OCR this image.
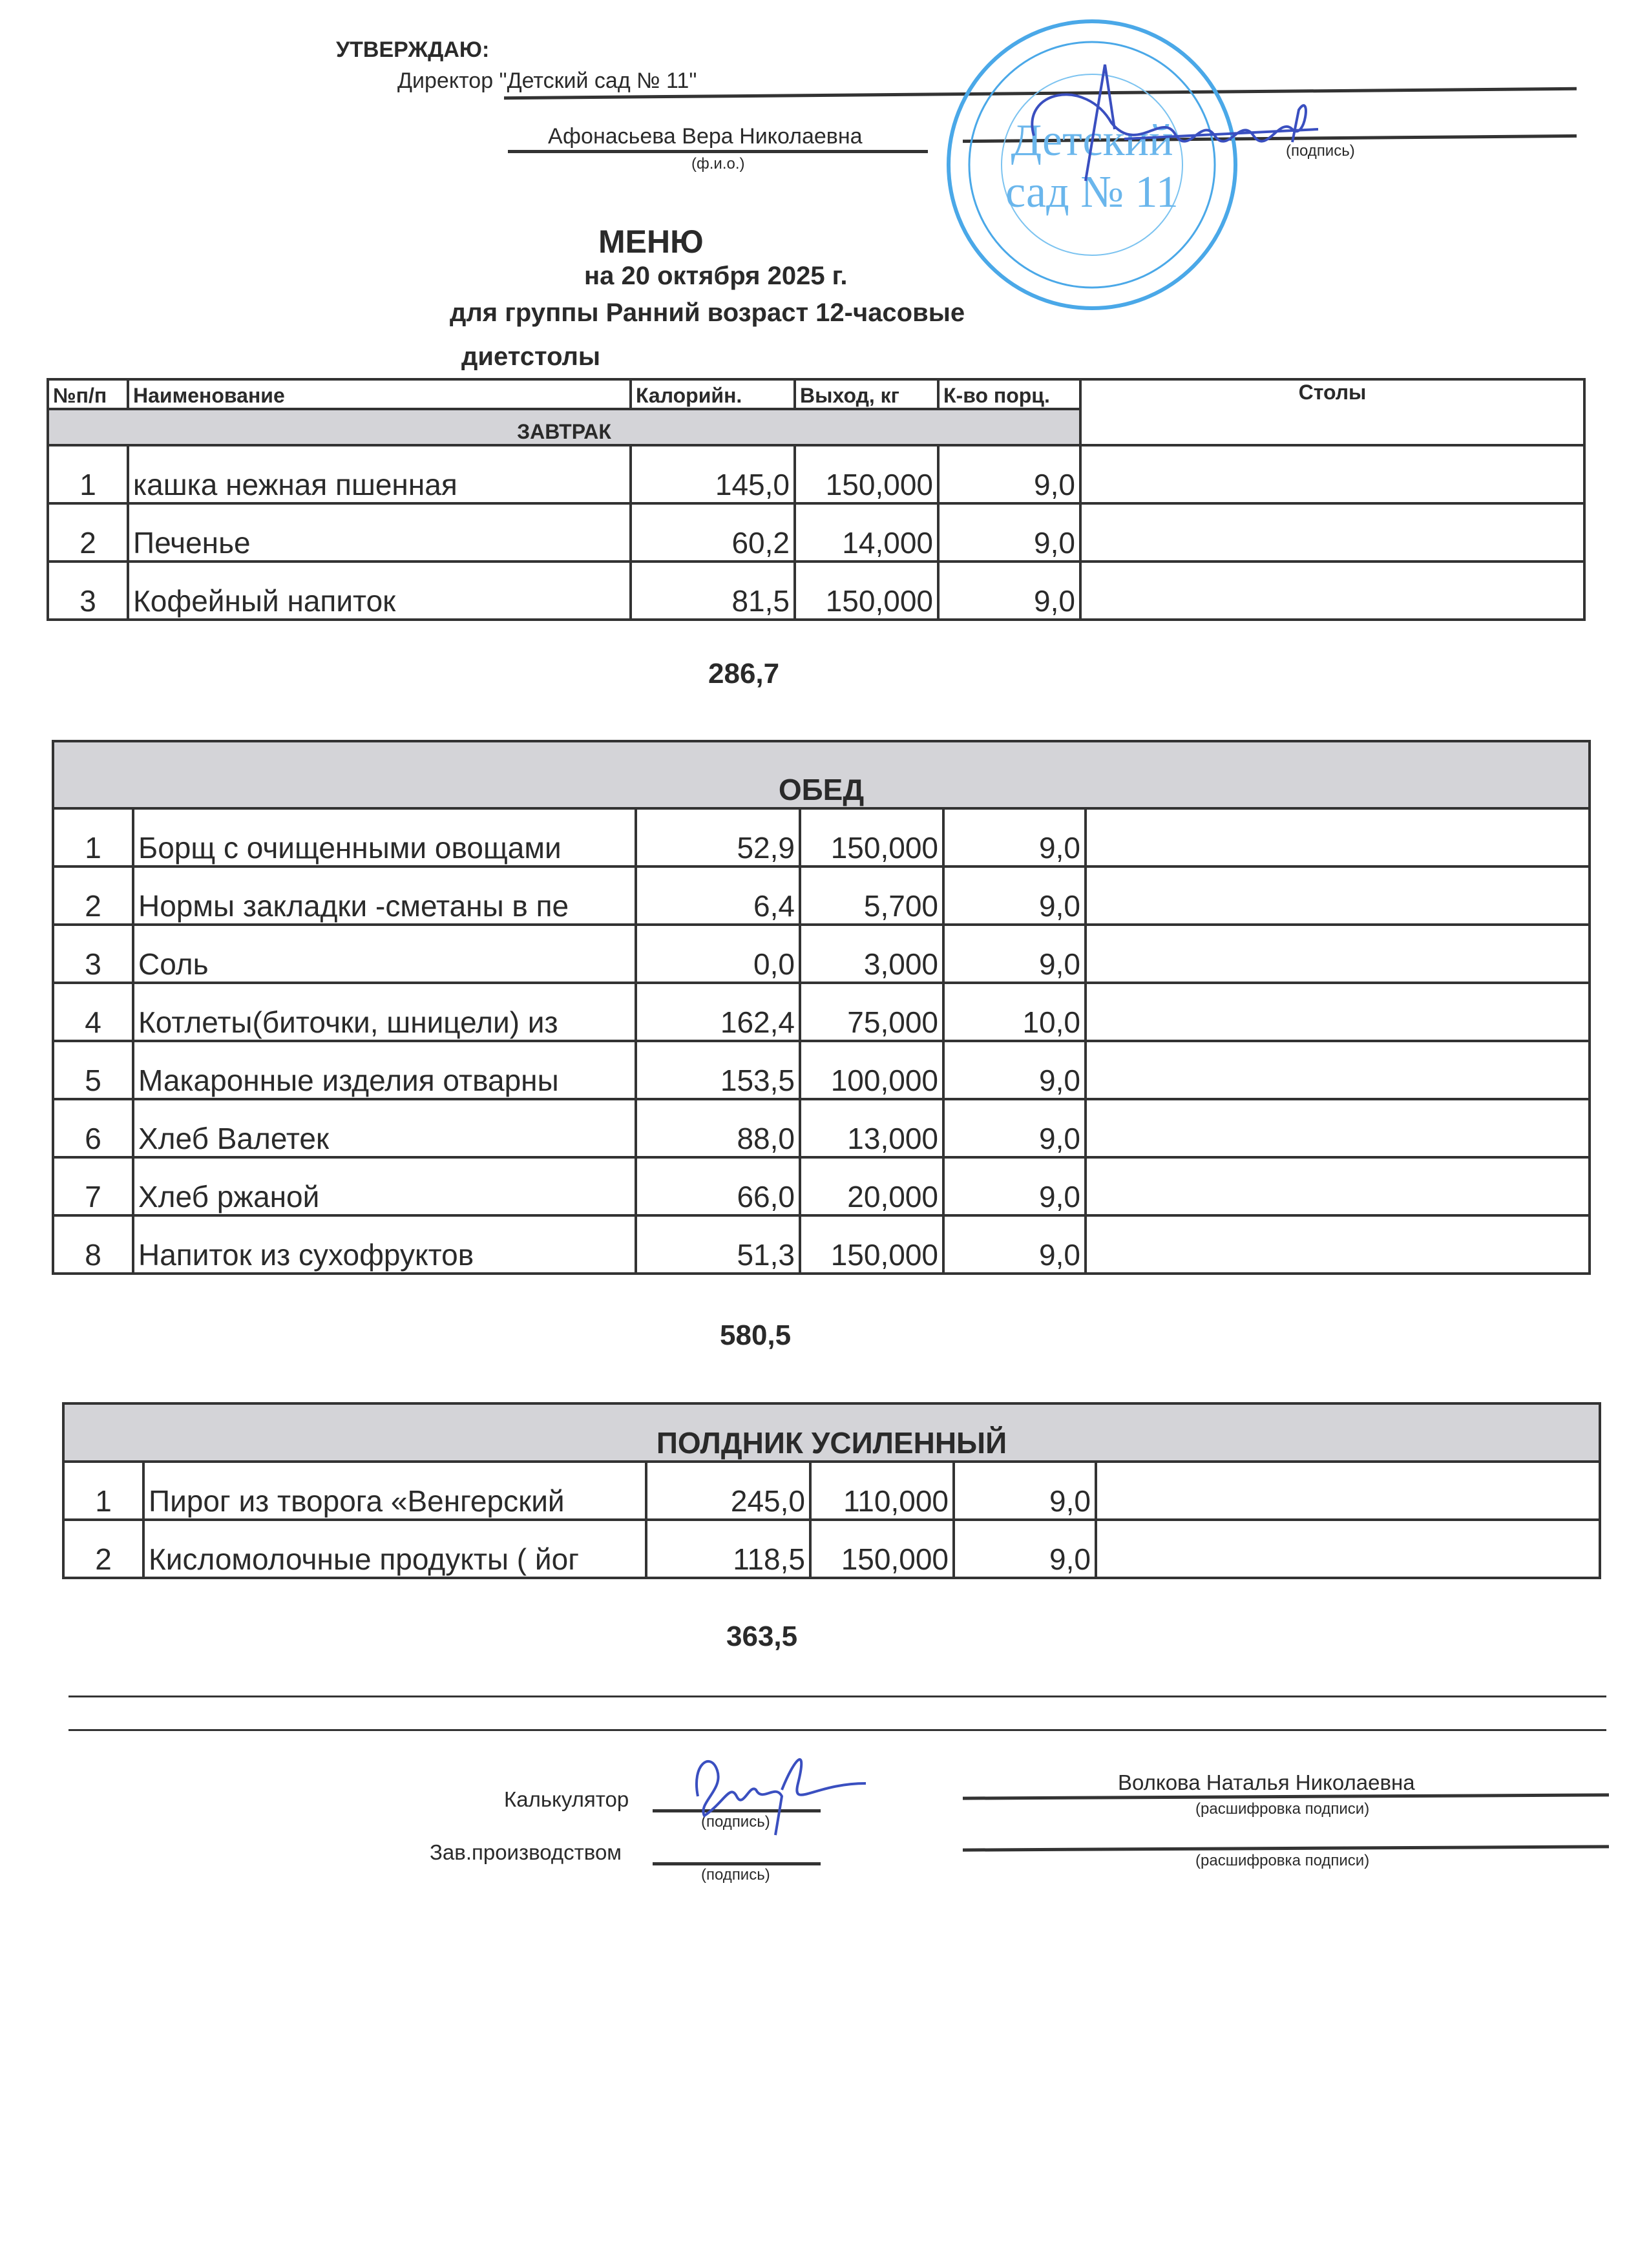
УТВЕРЖДАЮ:
Директор "Детский сад № 11"
Афонасьева Вера Николаевна
(ф.и.о.)
(подпись)
Детский
сад № 11
МЕНЮ
на 20 октября 2025 г.
для группы Ранний возраст 12-часовые
диетстолы
№п/п	Наименование	Калорийн.	Выход, кг	К-во порц.	Столы
ЗАВТРАК					
1	кашка нежная пшенная	145,0	150,000	9,0	
2	Печенье	60,2	14,000	9,0	
3	Кофейный напиток	81,5	150,000	9,0	
286,7
ОБЕД					
1	Борщ с очищенными овощами	52,9	150,000	9,0	
2	Нормы закладки -сметаны в пе	6,4	5,700	9,0	
3	Соль	0,0	3,000	9,0	
4	Котлеты(биточки, шницели) из	162,4	75,000	10,0	
5	Макаронные изделия отварны	153,5	100,000	9,0	
6	Хлеб Валетек	88,0	13,000	9,0	
7	Хлеб ржаной	66,0	20,000	9,0	
8	Напиток из сухофруктов	51,3	150,000	9,0	
580,5
ПОЛДНИК УСИЛЕННЫЙ					
1	Пирог из творога «Венгерский	245,0	110,000	9,0	
2	Кисломолочные продукты ( йог	118,5	150,000	9,0	
363,5
Калькулятор
(подпись)
Волкова Наталья Николаевна
(расшифровка подписи)
Зав.производством
(подпись)
(расшифровка подписи)
